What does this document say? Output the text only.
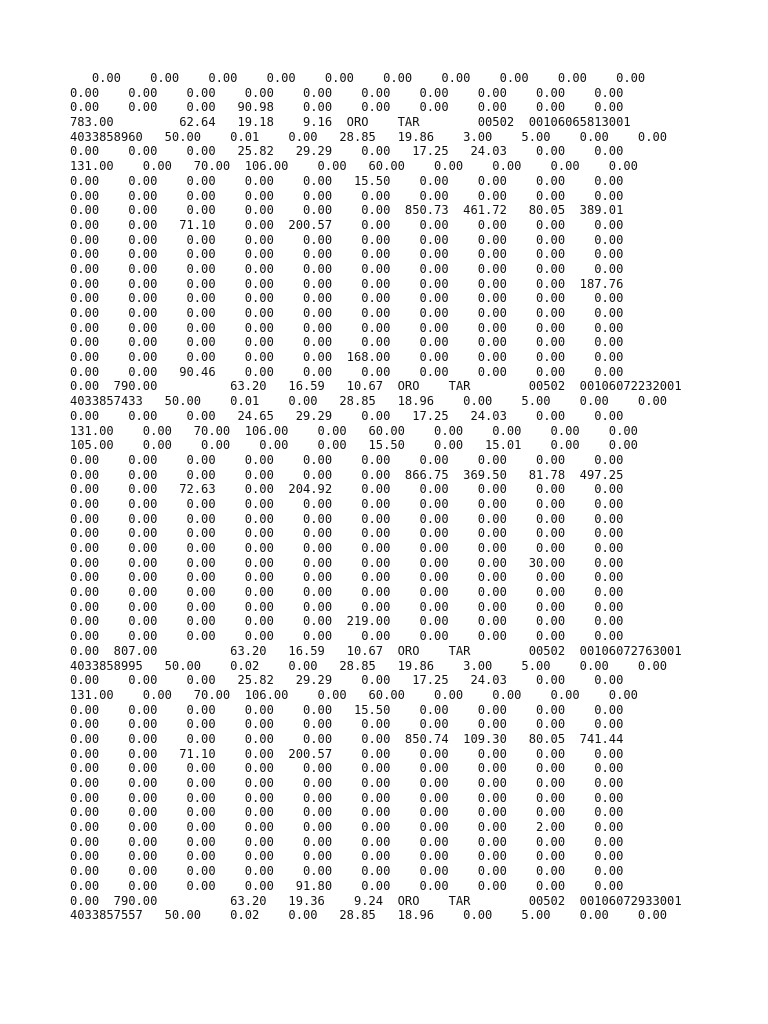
0.00    0.00    0.00    0.00    0.00    0.00    0.00    0.00    0.00    0.00
0.00    0.00    0.00    0.00    0.00    0.00    0.00    0.00    0.00    0.00
0.00    0.00    0.00   90.98    0.00    0.00    0.00    0.00    0.00    0.00
783.00         62.64   19.18    9.16  ORO    TAR        00502  00106065813001
4033858960   50.00    0.01    0.00   28.85   19.86    3.00    5.00    0.00    0.00
0.00    0.00    0.00   25.82   29.29    0.00   17.25   24.03    0.00    0.00
131.00    0.00   70.00  106.00    0.00   60.00    0.00    0.00    0.00    0.00
0.00    0.00    0.00    0.00    0.00   15.50    0.00    0.00    0.00    0.00
0.00    0.00    0.00    0.00    0.00    0.00    0.00    0.00    0.00    0.00
0.00    0.00    0.00    0.00    0.00    0.00  850.73  461.72   80.05  389.01
0.00    0.00   71.10    0.00  200.57    0.00    0.00    0.00    0.00    0.00
0.00    0.00    0.00    0.00    0.00    0.00    0.00    0.00    0.00    0.00
0.00    0.00    0.00    0.00    0.00    0.00    0.00    0.00    0.00    0.00
0.00    0.00    0.00    0.00    0.00    0.00    0.00    0.00    0.00    0.00
0.00    0.00    0.00    0.00    0.00    0.00    0.00    0.00    0.00  187.76
0.00    0.00    0.00    0.00    0.00    0.00    0.00    0.00    0.00    0.00
0.00    0.00    0.00    0.00    0.00    0.00    0.00    0.00    0.00    0.00
0.00    0.00    0.00    0.00    0.00    0.00    0.00    0.00    0.00    0.00
0.00    0.00    0.00    0.00    0.00    0.00    0.00    0.00    0.00    0.00
0.00    0.00    0.00    0.00    0.00  168.00    0.00    0.00    0.00    0.00
0.00    0.00   90.46    0.00    0.00    0.00    0.00    0.00    0.00    0.00
0.00  790.00          63.20   16.59   10.67  ORO    TAR        00502  00106072232001
4033857433   50.00    0.01    0.00   28.85   18.96    0.00    5.00    0.00    0.00
0.00    0.00    0.00   24.65   29.29    0.00   17.25   24.03    0.00    0.00
131.00    0.00   70.00  106.00    0.00   60.00    0.00    0.00    0.00    0.00
105.00    0.00    0.00    0.00    0.00   15.50    0.00   15.01    0.00    0.00
0.00    0.00    0.00    0.00    0.00    0.00    0.00    0.00    0.00    0.00
0.00    0.00    0.00    0.00    0.00    0.00  866.75  369.50   81.78  497.25
0.00    0.00   72.63    0.00  204.92    0.00    0.00    0.00    0.00    0.00
0.00    0.00    0.00    0.00    0.00    0.00    0.00    0.00    0.00    0.00
0.00    0.00    0.00    0.00    0.00    0.00    0.00    0.00    0.00    0.00
0.00    0.00    0.00    0.00    0.00    0.00    0.00    0.00    0.00    0.00
0.00    0.00    0.00    0.00    0.00    0.00    0.00    0.00    0.00    0.00
0.00    0.00    0.00    0.00    0.00    0.00    0.00    0.00   30.00    0.00
0.00    0.00    0.00    0.00    0.00    0.00    0.00    0.00    0.00    0.00
0.00    0.00    0.00    0.00    0.00    0.00    0.00    0.00    0.00    0.00
0.00    0.00    0.00    0.00    0.00    0.00    0.00    0.00    0.00    0.00
0.00    0.00    0.00    0.00    0.00  219.00    0.00    0.00    0.00    0.00
0.00    0.00    0.00    0.00    0.00    0.00    0.00    0.00    0.00    0.00
0.00  807.00          63.20   16.59   10.67  ORO    TAR        00502  00106072763001
4033858995   50.00    0.02    0.00   28.85   19.86    3.00    5.00    0.00    0.00
0.00    0.00    0.00   25.82   29.29    0.00   17.25   24.03    0.00    0.00
131.00    0.00   70.00  106.00    0.00   60.00    0.00    0.00    0.00    0.00
0.00    0.00    0.00    0.00    0.00   15.50    0.00    0.00    0.00    0.00
0.00    0.00    0.00    0.00    0.00    0.00    0.00    0.00    0.00    0.00
0.00    0.00    0.00    0.00    0.00    0.00  850.74  109.30   80.05  741.44
0.00    0.00   71.10    0.00  200.57    0.00    0.00    0.00    0.00    0.00
0.00    0.00    0.00    0.00    0.00    0.00    0.00    0.00    0.00    0.00
0.00    0.00    0.00    0.00    0.00    0.00    0.00    0.00    0.00    0.00
0.00    0.00    0.00    0.00    0.00    0.00    0.00    0.00    0.00    0.00
0.00    0.00    0.00    0.00    0.00    0.00    0.00    0.00    0.00    0.00
0.00    0.00    0.00    0.00    0.00    0.00    0.00    0.00    2.00    0.00
0.00    0.00    0.00    0.00    0.00    0.00    0.00    0.00    0.00    0.00
0.00    0.00    0.00    0.00    0.00    0.00    0.00    0.00    0.00    0.00
0.00    0.00    0.00    0.00    0.00    0.00    0.00    0.00    0.00    0.00
0.00    0.00    0.00    0.00   91.80    0.00    0.00    0.00    0.00    0.00
0.00  790.00          63.20   19.36    9.24  ORO    TAR        00502  00106072933001
4033857557   50.00    0.02    0.00   28.85   18.96    0.00    5.00    0.00    0.00
